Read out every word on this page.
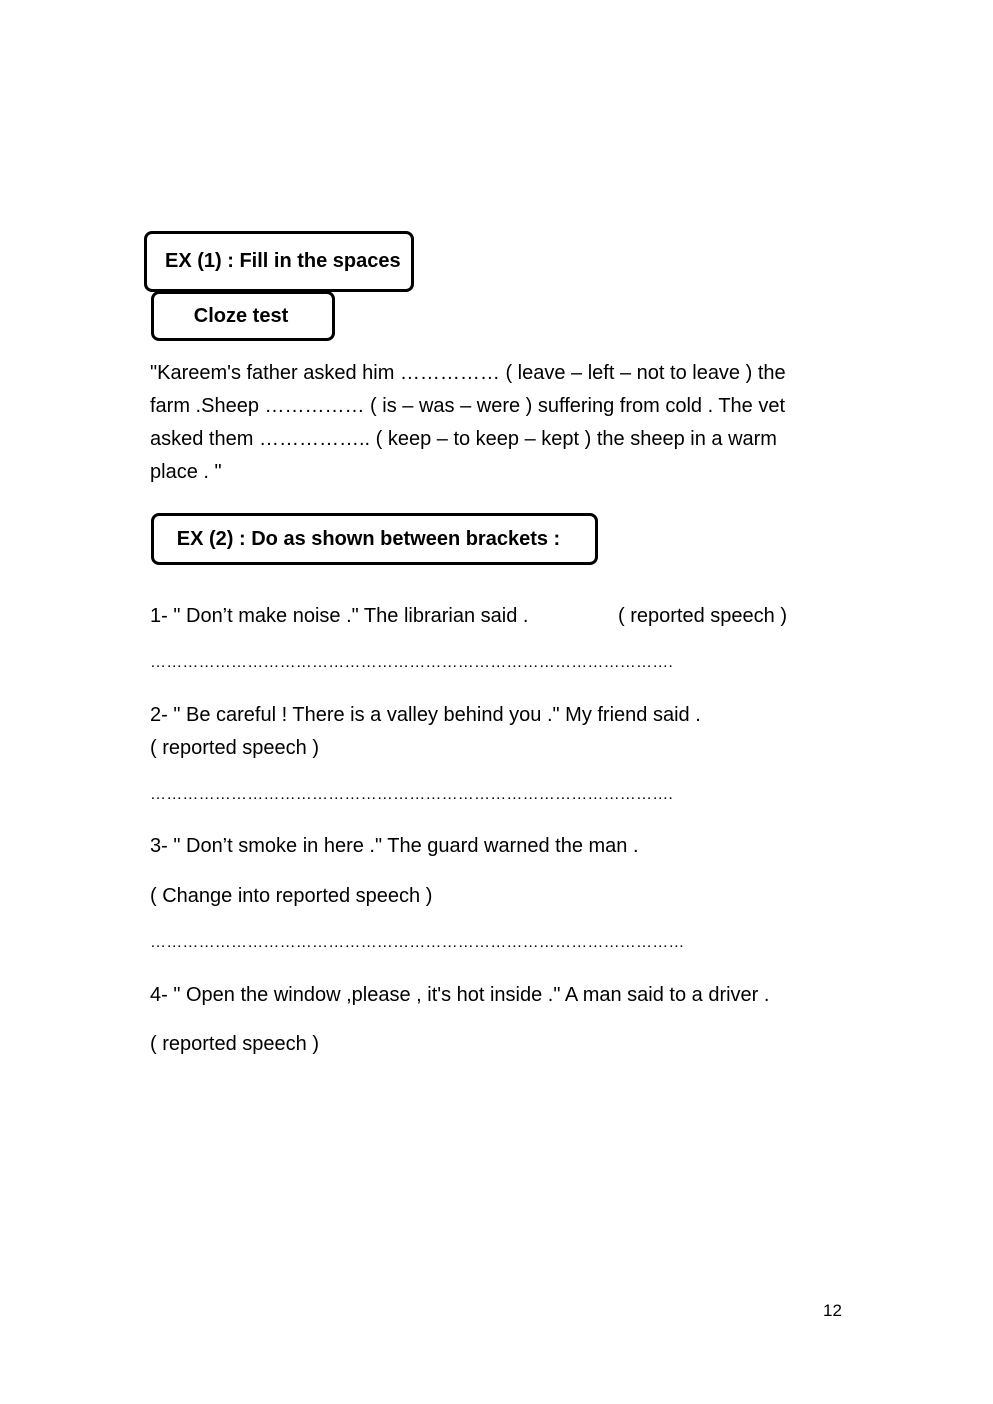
EX (1) : Fill in the spaces
Cloze test
"Kareem's father asked him …………… ( leave – left – not to leave ) the
farm .Sheep …………… ( is – was – were ) suffering from cold . The vet
asked them …………….. ( keep – to keep – kept ) the sheep in a warm
place . "
EX (2) : Do as shown between brackets :
1- " Don’t make noise ." The librarian said .	( reported speech )
…………………………………………………………………………………….
2- " Be careful ! There is a valley behind you ." My friend said .
( reported speech )
…………………………………………………………………………………….
3- " Don’t smoke in here ." The guard warned the man .
( Change into reported speech )
………………………………………………………………………………………
4- " Open the window ,please , it's hot inside ." A man said to a driver .
( reported speech )
12
